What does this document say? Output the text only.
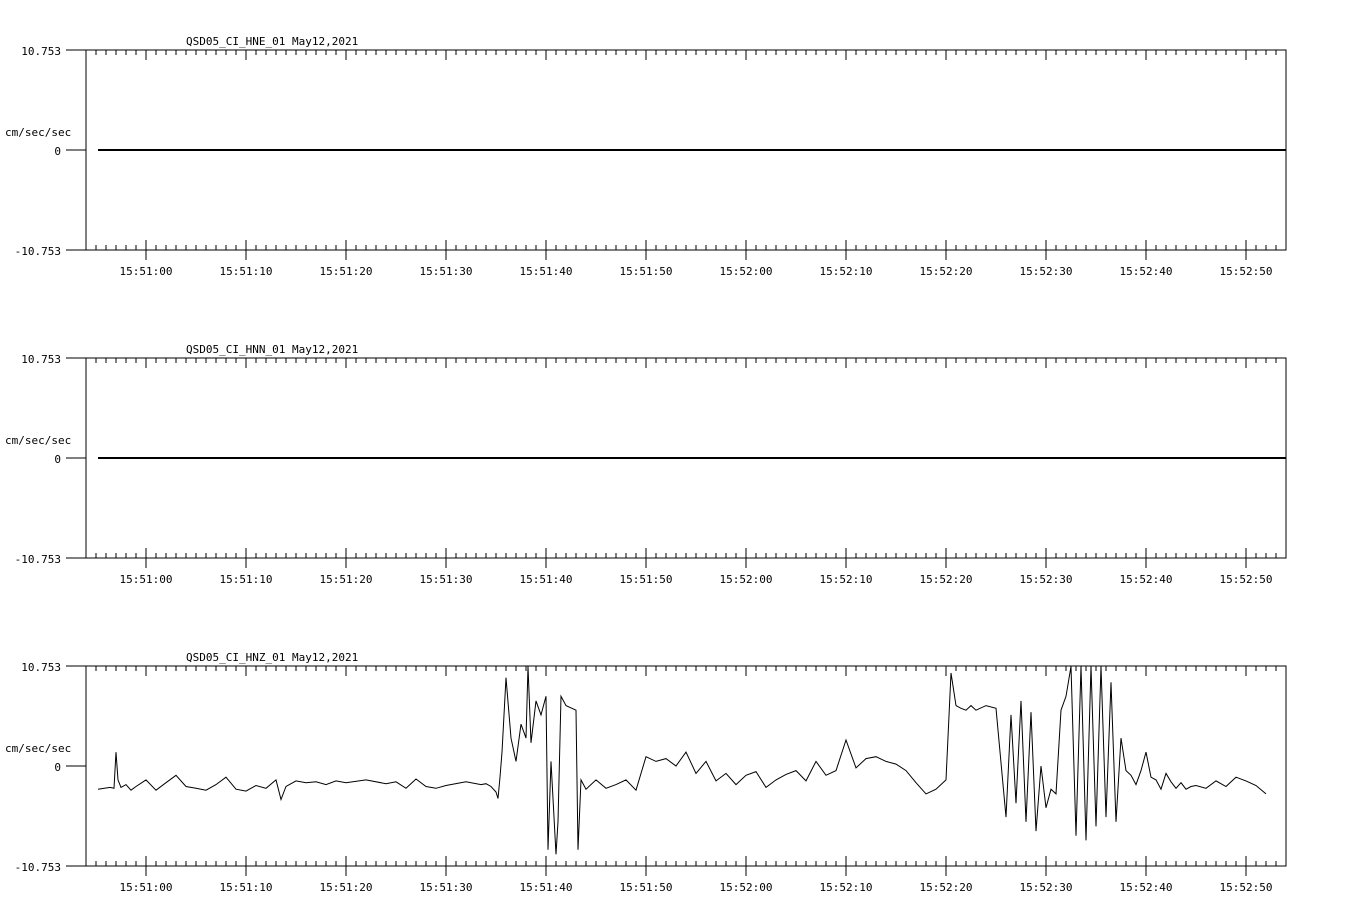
QSD05_CI_HNE_01 May12,2021
cm/sec/sec
10.753
0
-10.753
15:51:00	15:51:10	15:51:20	15:51:30	15:51:40	15:51:50	15:52:00	15:52:10	15:52:20	15:52:30	15:52:40	15:52:50
QSD05_CI_HNN_01 May12,2021
cm/sec/sec
10.753
0
-10.753
15:51:00	15:51:10	15:51:20	15:51:30	15:51:40	15:51:50	15:52:00	15:52:10	15:52:20	15:52:30	15:52:40	15:52:50
QSD05_CI_HNZ_01 May12,2021
cm/sec/sec
10.753
0
-10.753
15:51:00	15:51:10	15:51:20	15:51:30	15:51:40	15:51:50	15:52:00	15:52:10	15:52:20	15:52:30	15:52:40	15:52:50
